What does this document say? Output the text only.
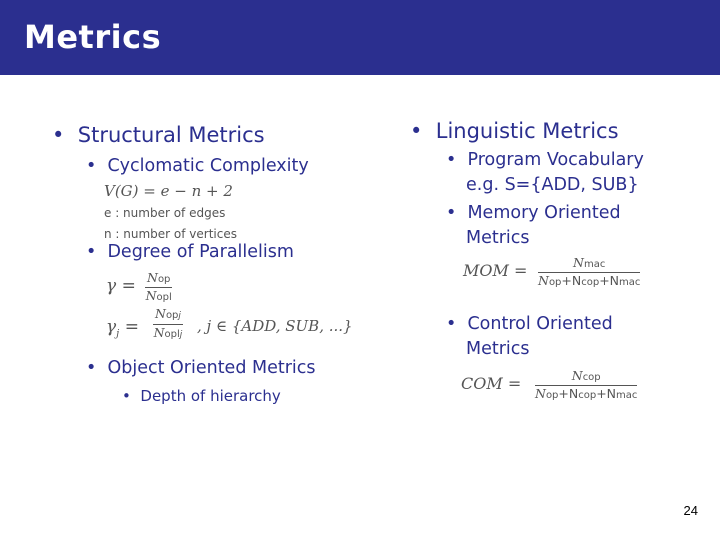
Metrics
•  Structural Metrics
•  Cyclomatic Complexity
V(G) = e − n + 2
e : number of edges
n : number of vertices
•  Degree of Parallelism
γ = Nop
Nopl
$\gamma_j$ =
Nopj
Noplj , j ∈ {ADD, SUB, ...}
•  Object Oriented Metrics
•  Depth of hierarchy
•  Linguistic Metrics
•  Program Vocabulary
e.g. S={ADD, SUB}
•  Memory Oriented
Metrics
MOM =	Nmac
Nop+Ncop+Nmac
•  Control Oriented
Metrics
COM =	Ncop
Nop+Ncop+Nmac
24
